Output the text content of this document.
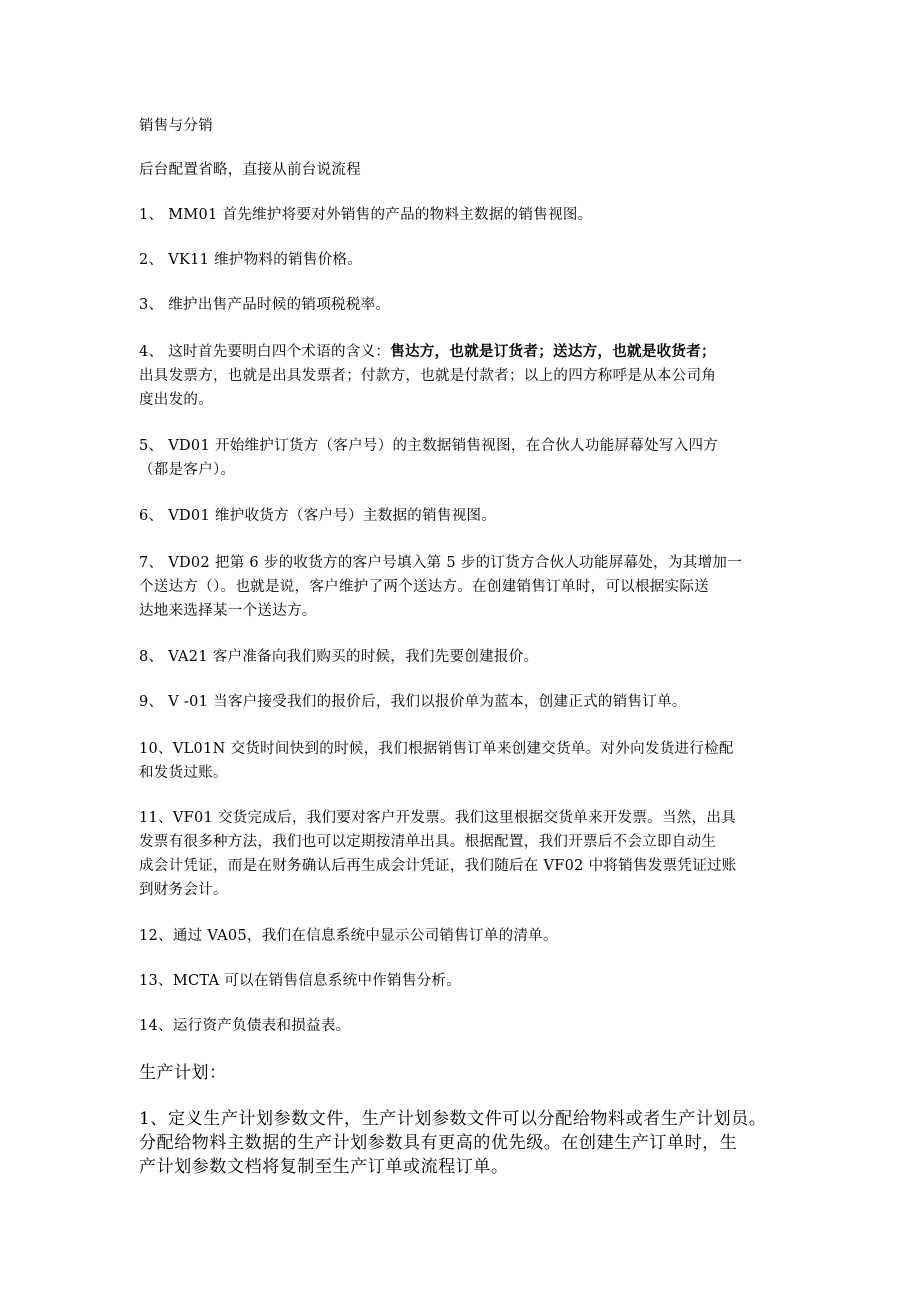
销售与分销

后台配置省略，直接从前台说流程

1、 MM01 首先维护将要对外销售的产品的物料主数据的销售视图。

2、 VK11 维护物料的销售价格。

3、 维护出售产品时候的销项税税率。

4、 这时首先要明白四个术语的含义：售达方，也就是订货者；送达方，也就是收货者；
出具发票方，也就是出具发票者；付款方，也就是付款者；以上的四方称呼是从本公司角
度出发的。

5、 VD01 开始维护订货方（客户号）的主数据销售视图，在合伙人功能屏幕处写入四方
（都是客户）。

6、 VD01 维护收货方（客户号）主数据的销售视图。

7、 VD02 把第 6 步的收货方的客户号填入第 5 步的订货方合伙人功能屏幕处，为其增加一
个送达方（）。也就是说，客户维护了两个送达方。在创建销售订单时，可以根据实际送
达地来选择某一个送达方。

8、 VA21 客户准备向我们购买的时候，我们先要创建报价。

9、 V -01 当客户接受我们的报价后，我们以报价单为蓝本，创建正式的销售订单。

10、VL01N 交货时间快到的时候，我们根据销售订单来创建交货单。对外向发货进行检配
和发货过账。

11、VF01 交货完成后，我们要对客户开发票。我们这里根据交货单来开发票。当然，出具
发票有很多种方法，我们也可以定期按清单出具。根据配置，我们开票后不会立即自动生
成会计凭证，而是在财务确认后再生成会计凭证，我们随后在 VF02 中将销售发票凭证过账
到财务会计。

12、通过 VA05，我们在信息系统中显示公司销售订单的清单。

13、MCTA 可以在销售信息系统中作销售分析。

14、运行资产负债表和损益表。

生产计划：

1、定义生产计划参数文件，生产计划参数文件可以分配给物料或者生产计划员。
分配给物料主数据的生产计划参数具有更高的优先级。在创建生产订单时，生
产计划参数文档将复制至生产订单或流程订单。
